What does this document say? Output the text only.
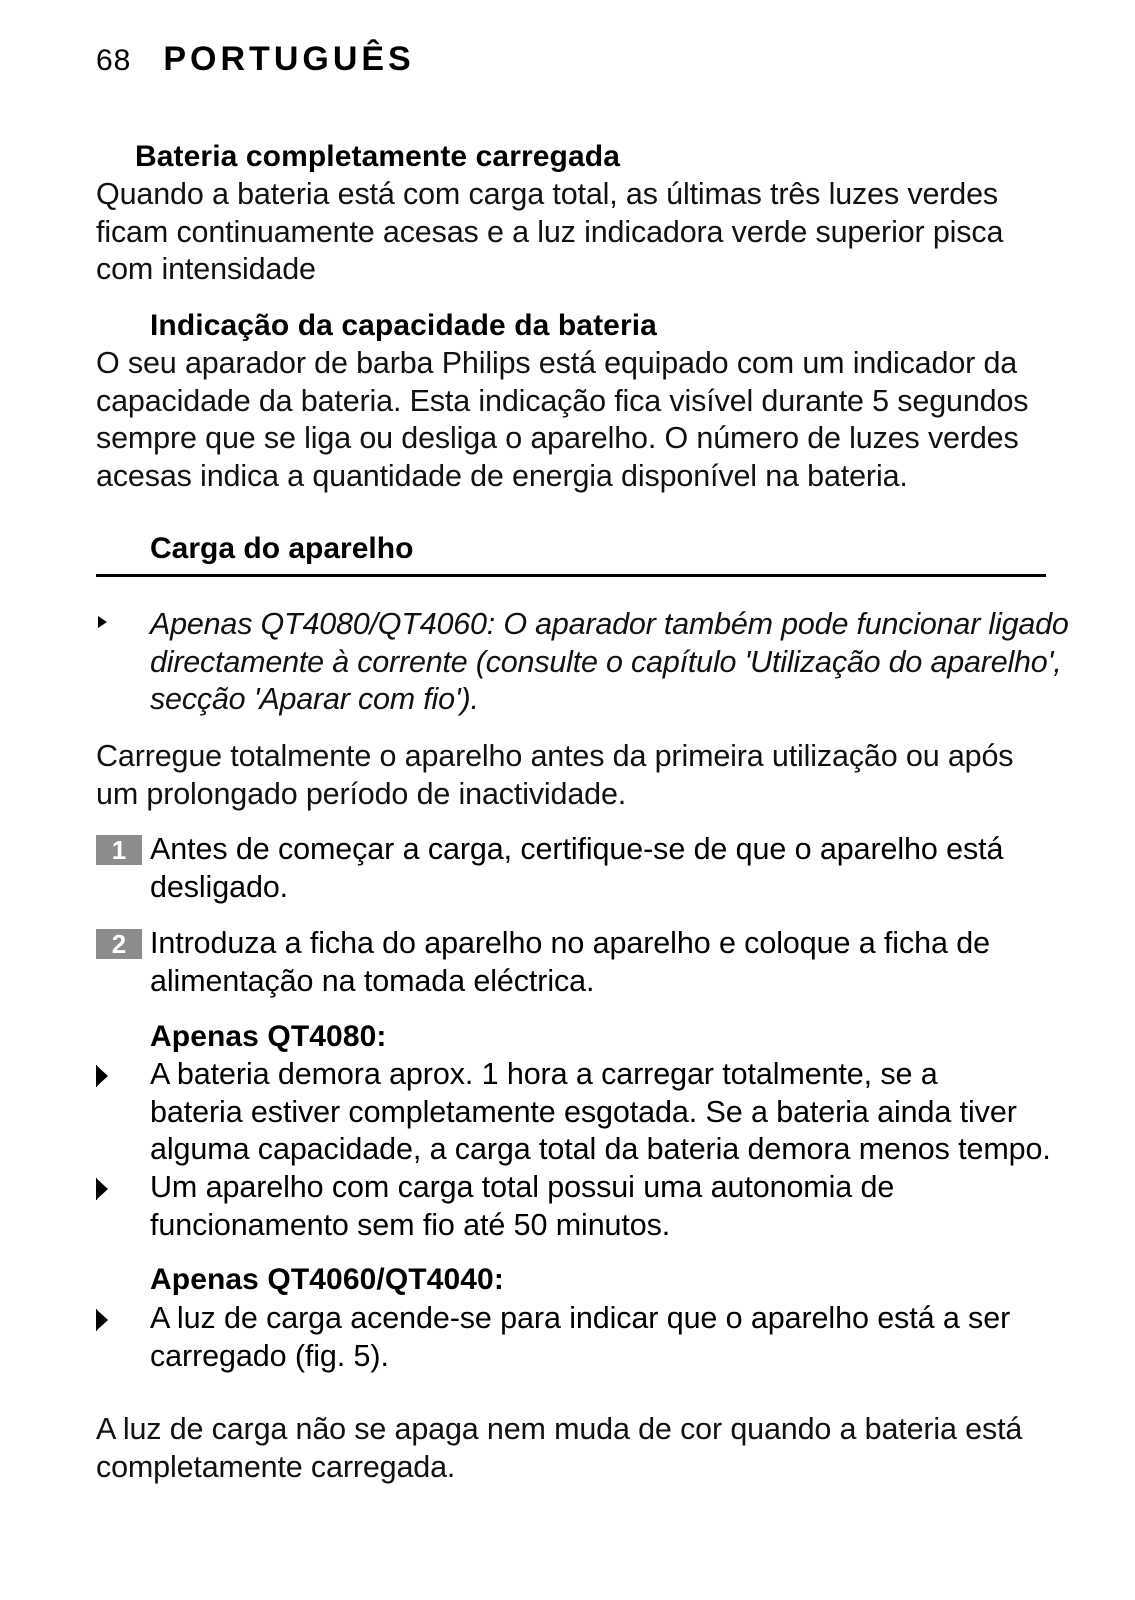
68 PORTUGUÊS

Bateria completamente carregada

Quando a bateria está com carga total, as últimas três luzes verdes

ficam continuamente acesas e a luz indicadora verde superior pisca

com intensidade

Indicação da capacidade da bateria

O seu aparador de barba Philips está equipado com um indicador da

capacidade da bateria. Esta indicação fica visível durante 5 segundos

sempre que se liga ou desliga o aparelho. O número de luzes verdes

acesas indica a quantidade de energia disponível na bateria.

Carga do aparelho

Apenas QT4080/QT4060: O aparador também pode funcionar ligado

directamente à corrente (consulte o capítulo 'Utilização do aparelho',

secção 'Aparar com fio').

Carregue totalmente o aparelho antes da primeira utilização ou após

um prolongado período de inactividade.

1 Antes de começar a carga, certifique-se de que o aparelho está

desligado.

2 Introduza a ficha do aparelho no aparelho e coloque a ficha de

alimentação na tomada eléctrica.

Apenas QT4080:

A bateria demora aprox. 1 hora a carregar totalmente, se a

bateria estiver completamente esgotada. Se a bateria ainda tiver

alguma capacidade, a carga total da bateria demora menos tempo.

Um aparelho com carga total possui uma autonomia de

funcionamento sem fio até 50 minutos.

Apenas QT4060/QT4040:

A luz de carga acende-se para indicar que o aparelho está a ser

carregado (fig. 5).

A luz de carga não se apaga nem muda de cor quando a bateria está

completamente carregada.
